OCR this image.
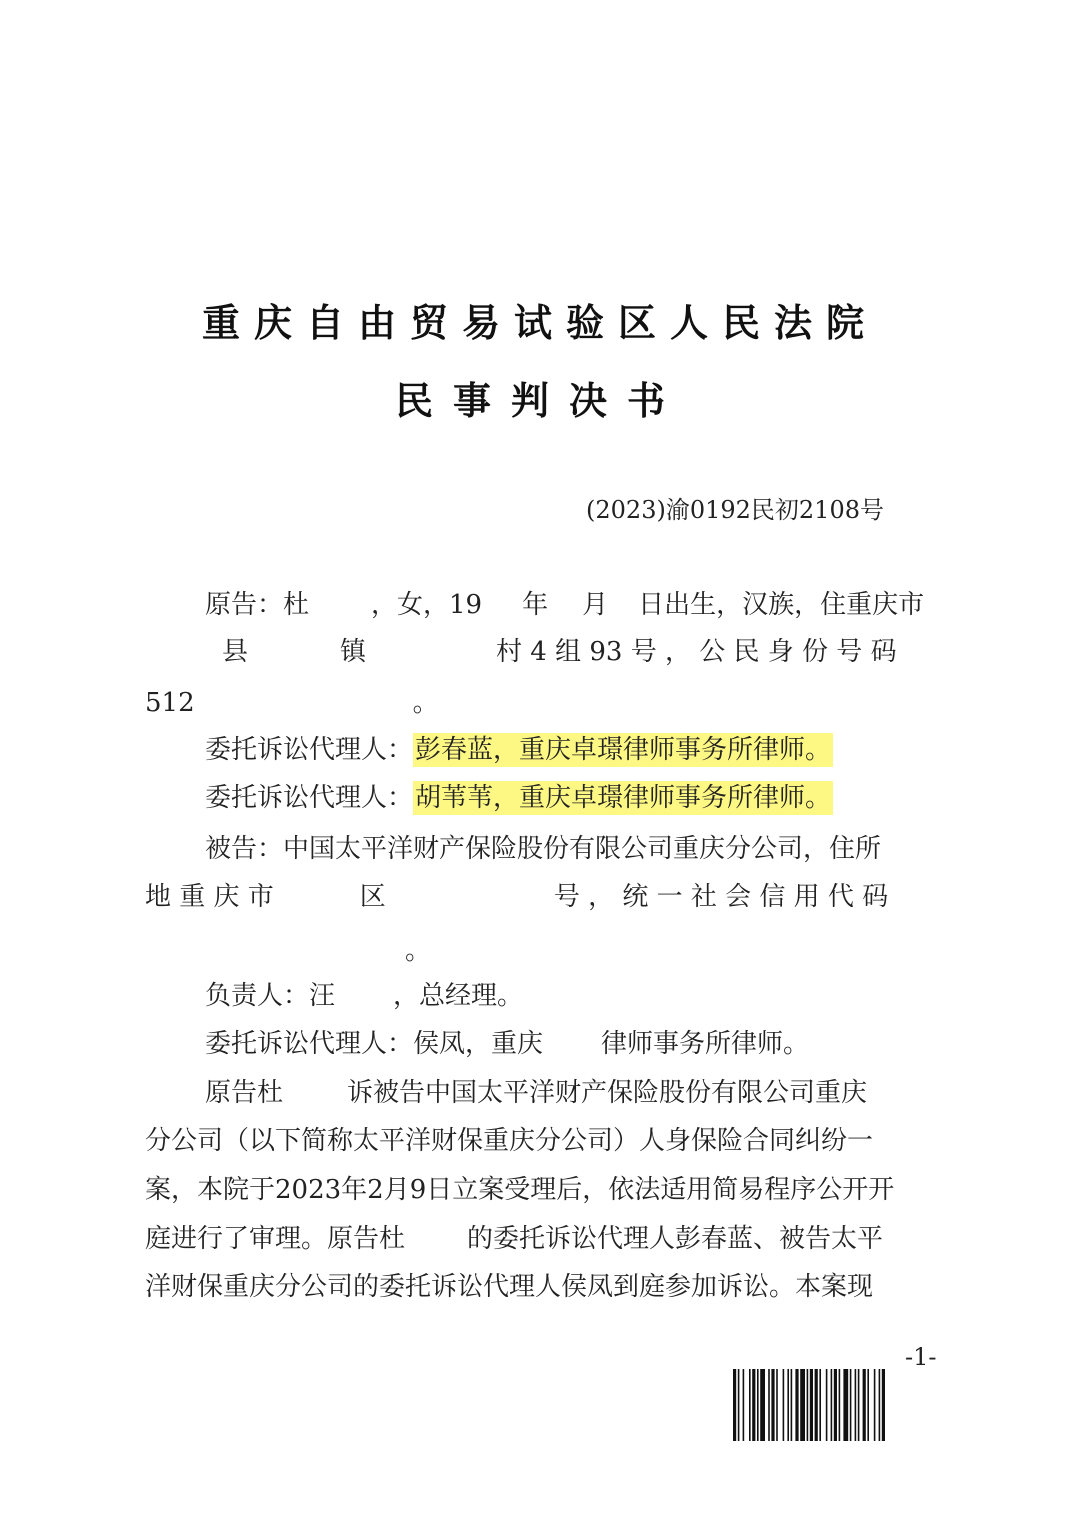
重庆自由贸易试验区人民法院
民事判决书
(2023)渝0192民初2108号
原告：杜 ，女，19 年 月 日出生，汉族，住重庆市
县	镇	村 4 组 93 号 ， 公 民 身 份 号 码
512	。
委托诉讼代理人：彭春蓝，重庆卓璟律师事务所律师。
委托诉讼代理人：胡苇苇，重庆卓璟律师事务所律师。
被告：中国太平洋财产保险股份有限公司重庆分公司，住所
地 重 庆 市	区	号 ， 统 一 社 会 信 用 代 码
。
负责人：汪 ，总经理。
委托诉讼代理人：侯凤，重庆 律师事务所律师。
原告杜 诉被告中国太平洋财产保险股份有限公司重庆
分公司（以下简称太平洋财保重庆分公司）人身保险合同纠纷一
案，本院于2023年2月9日立案受理后，依法适用简易程序公开开
庭进行了审理。原告杜 的委托诉讼代理人彭春蓝、被告太平
洋财保重庆分公司的委托诉讼代理人侯凤到庭参加诉讼。本案现
-1-
